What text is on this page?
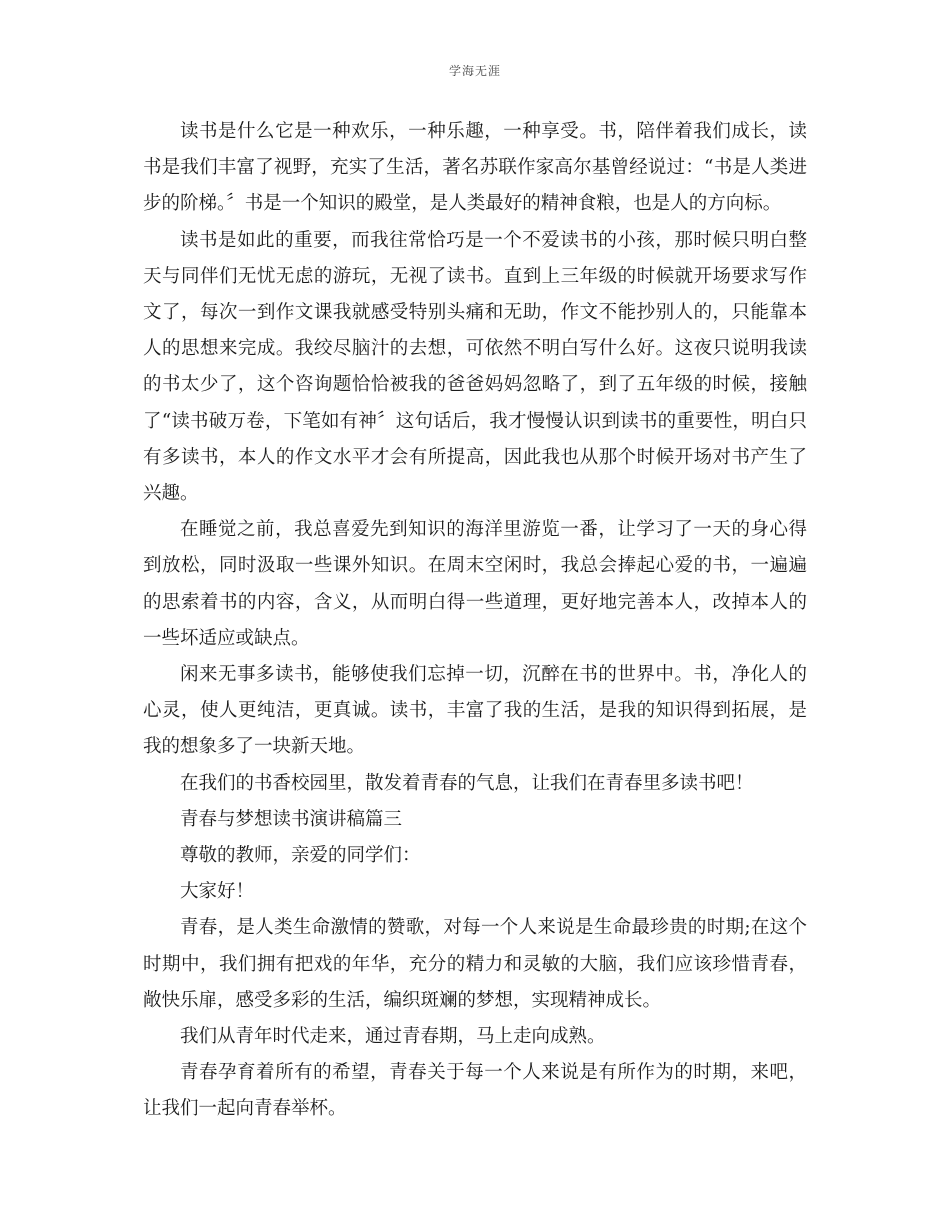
学海无涯

读书是什么它是一种欢乐，一种乐趣，一种享受。书，陪伴着我们成长，读书是我们丰富了视野，充实了生活，著名苏联作家高尔基曾经说过：“书是人类进步的阶梯。〞书是一个知识的殿堂，是人类最好的精神食粮，也是人的方向标。

读书是如此的重要，而我往常恰巧是一个不爱读书的小孩，那时候只明白整天与同伴们无忧无虑的游玩，无视了读书。直到上三年级的时候就开场要求写作文了，每次一到作文课我就感受特别头痛和无助，作文不能抄别人的，只能靠本人的思想来完成。我绞尽脑汁的去想，可依然不明白写什么好。这夜只说明我读的书太少了，这个咨询题恰恰被我的爸爸妈妈忽略了，到了五年级的时候，接触了“读书破万卷，下笔如有神〞这句话后，我才慢慢认识到读书的重要性，明白只有多读书，本人的作文水平才会有所提高，因此我也从那个时候开场对书产生了兴趣。

在睡觉之前，我总喜爱先到知识的海洋里游览一番，让学习了一天的身心得到放松，同时汲取一些课外知识。在周末空闲时，我总会捧起心爱的书，一遍遍的思索着书的内容，含义，从而明白得一些道理，更好地完善本人，改掉本人的一些坏适应或缺点。

闲来无事多读书，能够使我们忘掉一切，沉醉在书的世界中。书，净化人的心灵，使人更纯洁，更真诚。读书，丰富了我的生活，是我的知识得到拓展，是我的想象多了一块新天地。

在我们的书香校园里，散发着青春的气息，让我们在青春里多读书吧！

青春与梦想读书演讲稿篇三

尊敬的教师，亲爱的同学们：

大家好！

青春，是人类生命激情的赞歌，对每一个人来说是生命最珍贵的时期;在这个时期中，我们拥有把戏的年华，充分的精力和灵敏的大脑，我们应该珍惜青春，敞快乐扉，感受多彩的生活，编织斑斓的梦想，实现精神成长。

我们从青年时代走来，通过青春期，马上走向成熟。

青春孕育着所有的希望，青春关于每一个人来说是有所作为的时期，来吧，让我们一起向青春举杯。
